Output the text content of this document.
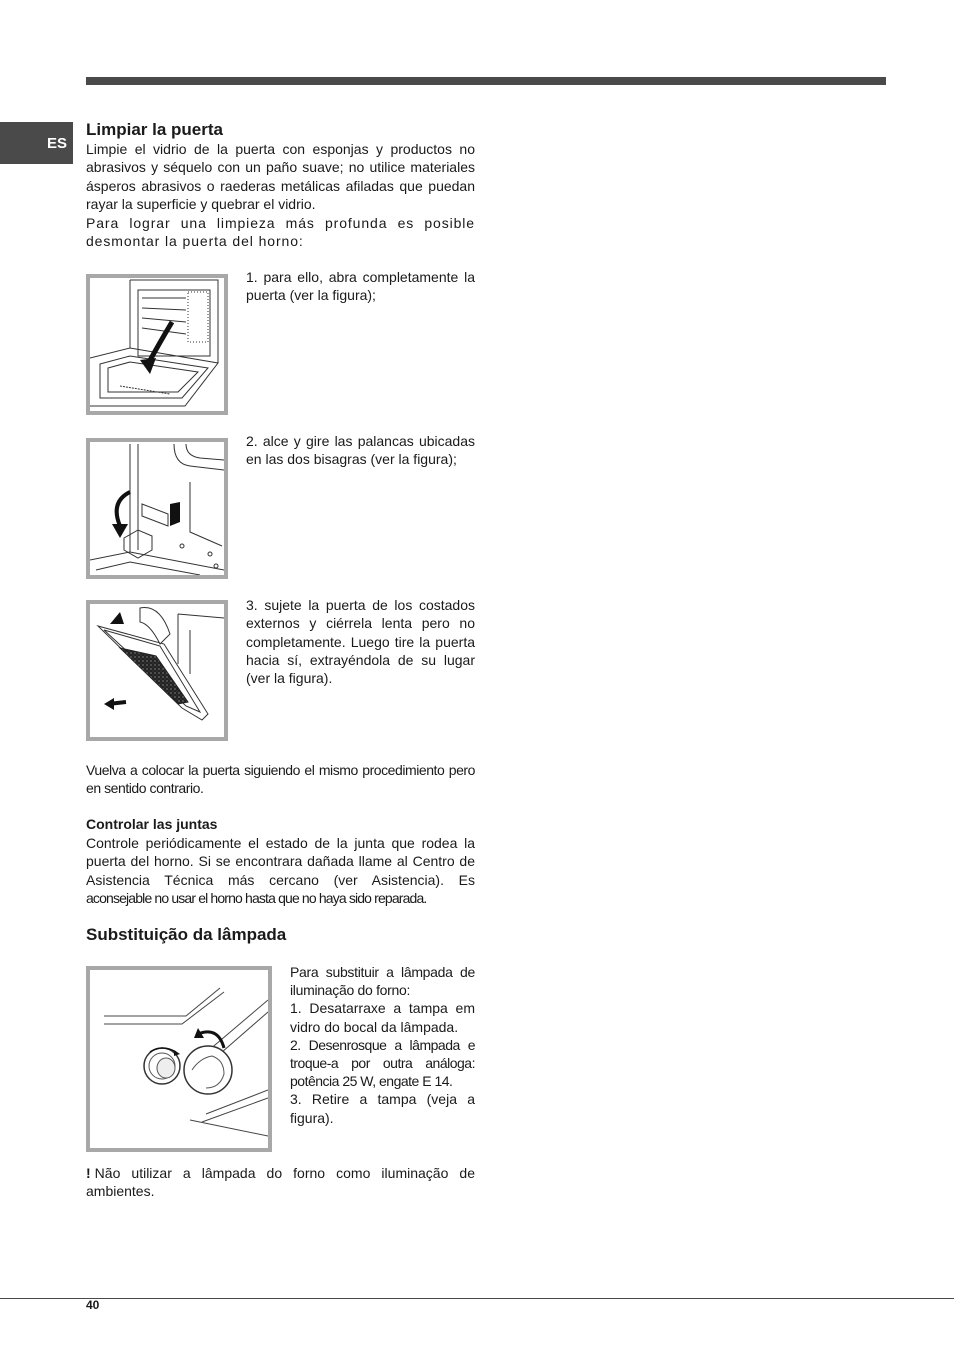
ES
Limpiar la puerta

Limpie el vidrio de la puerta con esponjas y productos no abrasivos y séquelo con un paño suave; no utilice materiales ásperos abrasivos o raederas metálicas afiladas que puedan rayar la superficie y quebrar el vidrio.

Para lograr una limpieza más profunda es posible desmontar la puerta del horno:

1. para ello, abra completamente la puerta (ver la figura);

2. alce y gire las palancas ubicadas en las dos bisagras (ver la figura);

3. sujete la puerta de los costados externos y ciérrela lenta pero no completamente. Luego tire la puerta hacia sí, extrayéndola de su lugar (ver la figura).

Vuelva a colocar la puerta siguiendo el mismo procedimiento pero en sentido contrario.

Controlar las juntas

Controle periódicamente el estado de la junta que rodea la puerta del horno. Si se encontrara dañada llame al Centro de Asistencia Técnica más cercano (ver Asistencia). Es

aconsejable no usar el horno hasta que no haya sido reparada.

Substituição da lâmpada
Para substituir a lâmpada de iluminação do forno:
1. Desatarraxe a tampa em vidro do bocal da lâmpada.
2. Desenrosque a lâmpada e troque-a por outra análoga: potência 25 W, engate E 14.
3. Retire a tampa (veja a figura).

! Não utilizar a lâmpada do forno como iluminação de ambientes.

40
